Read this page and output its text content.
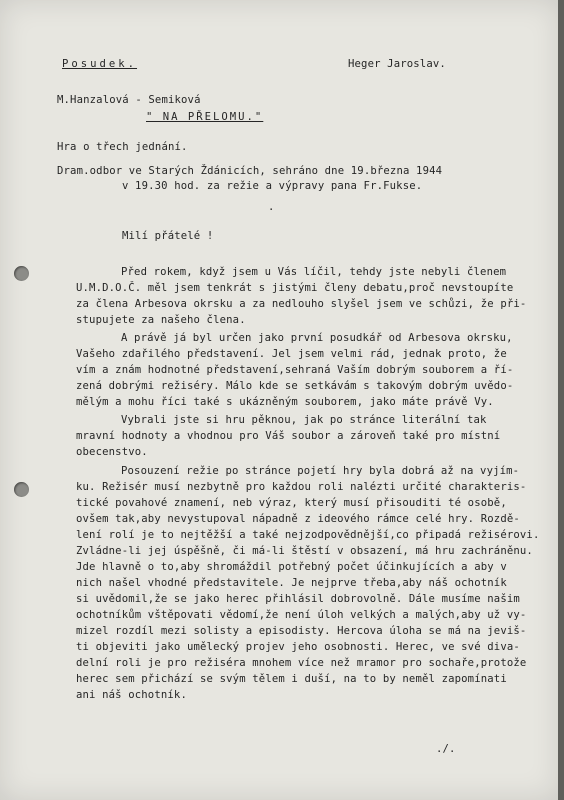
Posudek.	Heger Jaroslav.
M.Hanzalová - Semiková
" NA PŘELOMU."
Hra o třech jednání.
Dram.odbor ve Starých Ždánicích, sehráno dne 19.března 1944
v 19.30 hod. za režie a výpravy pana Fr.Fukse.
.
Milí přátelé !
Před rokem, když jsem u Vás líčil, tehdy jste nebyli členem
U.M.D.O.Č. měl jsem tenkrát s jistými členy debatu,proč nevstoupíte
za člena Arbesova okrsku a za nedlouho slyšel jsem ve schůzi, že při-
stupujete za našeho člena.
A právě já byl určen jako první posudkář od Arbesova okrsku,
Vašeho zdařilého představení. Jel jsem velmi rád, jednak proto, že
vím a znám hodnotné představení,sehraná Vaším dobrým souborem a ří-
zená dobrými režiséry. Málo kde se setkávám s takovým dobrým uvědo-
mělým a mohu říci také s ukázněným souborem, jako máte právě Vy.
Vybrali jste si hru pěknou, jak po stránce literální tak
mravní hodnoty a vhodnou pro Váš soubor a zároveň také pro místní
obecenstvo.
Posouzení režie po stránce pojetí hry byla dobrá až na vyjím-
ku. Režisér musí nezbytně pro každou roli nalézti určité charakteris-
tické povahové znamení, neb výraz, který musí přisouditi té osobě,
ovšem tak,aby nevystupoval nápadně z ideového rámce celé hry. Rozdě-
lení rolí je to nejtěžší a také nejzodpovědnější,co připadá režisérovi.
Zvládne-li jej úspěšně, či má-li štěstí v obsazení, má hru zachráněnu.
Jde hlavně o to,aby shromáždil potřebný počet účinkujících a aby v
nich našel vhodné představitele. Je nejprve třeba,aby náš ochotník
si uvědomil,že se jako herec přihlásil dobrovolně. Dále musíme našim
ochotníkům vštěpovati vědomí,že není úloh velkých a malých,aby už vy-
mizel rozdíl mezi solisty a episodisty. Hercova úloha se má na jeviš-
ti objeviti jako umělecký projev jeho osobnosti. Herec, ve své diva-
delní roli je pro režiséra mnohem více než mramor pro sochaře,protože
herec sem přichází se svým tělem i duší, na to by neměl zapomínati
ani náš ochotník.
./.
